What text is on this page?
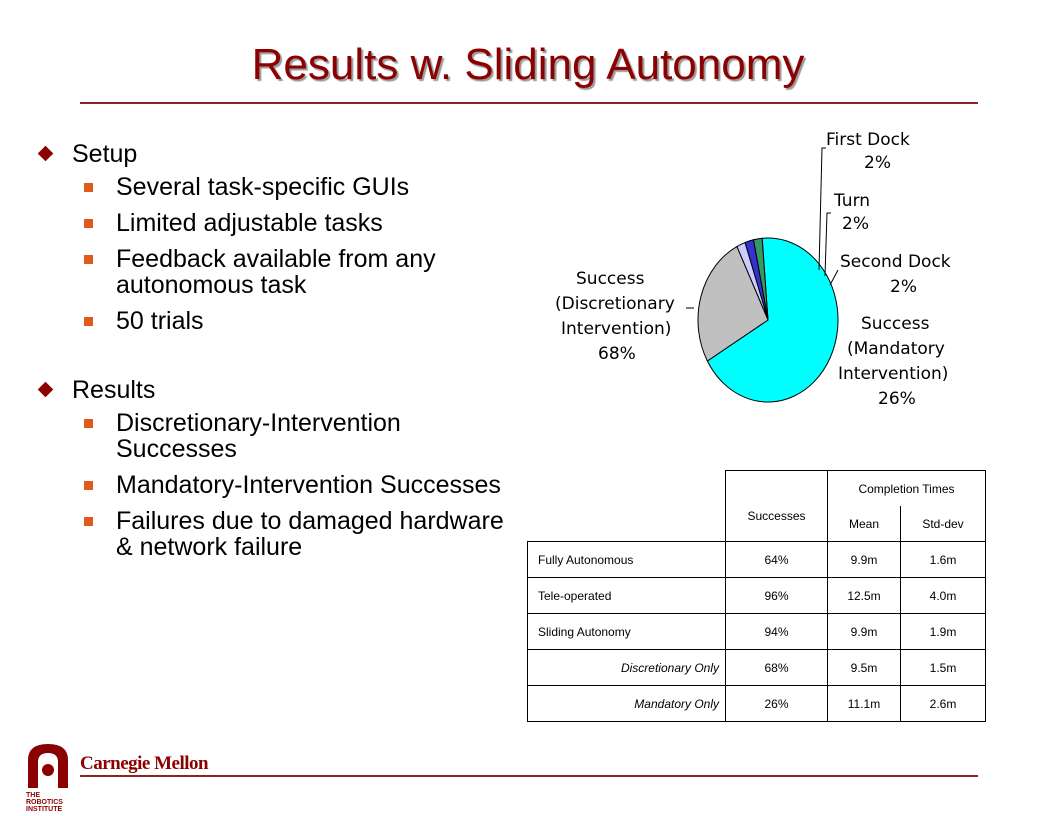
Results w. Sliding Autonomy

Setup

Several task-specific GUIs

Limited adjustable tasks

Feedback available from any autonomous task

50 trials

Results

Discretionary-Intervention Successes

Mandatory-Intervention Successes

Failures due to damaged hardware & network failure

First Dock
2%
Turn
2%
Second Dock
2%
Success
(Mandatory
Intervention)
26%
Success
(Discretionary
Intervention)
68%
	Successes	Completion Times	
		Mean	Std-dev
Fully Autonomous	64%	9.9m	1.6m
Tele-operated	96%	12.5m	4.0m
Sliding Autonomy	94%	9.9m	1.9m
Discretionary Only	68%	9.5m	1.5m
Mandatory Only	26%	11.1m	2.6m
THE
ROBOTICS
INSTITUTE
Carnegie Mellon
